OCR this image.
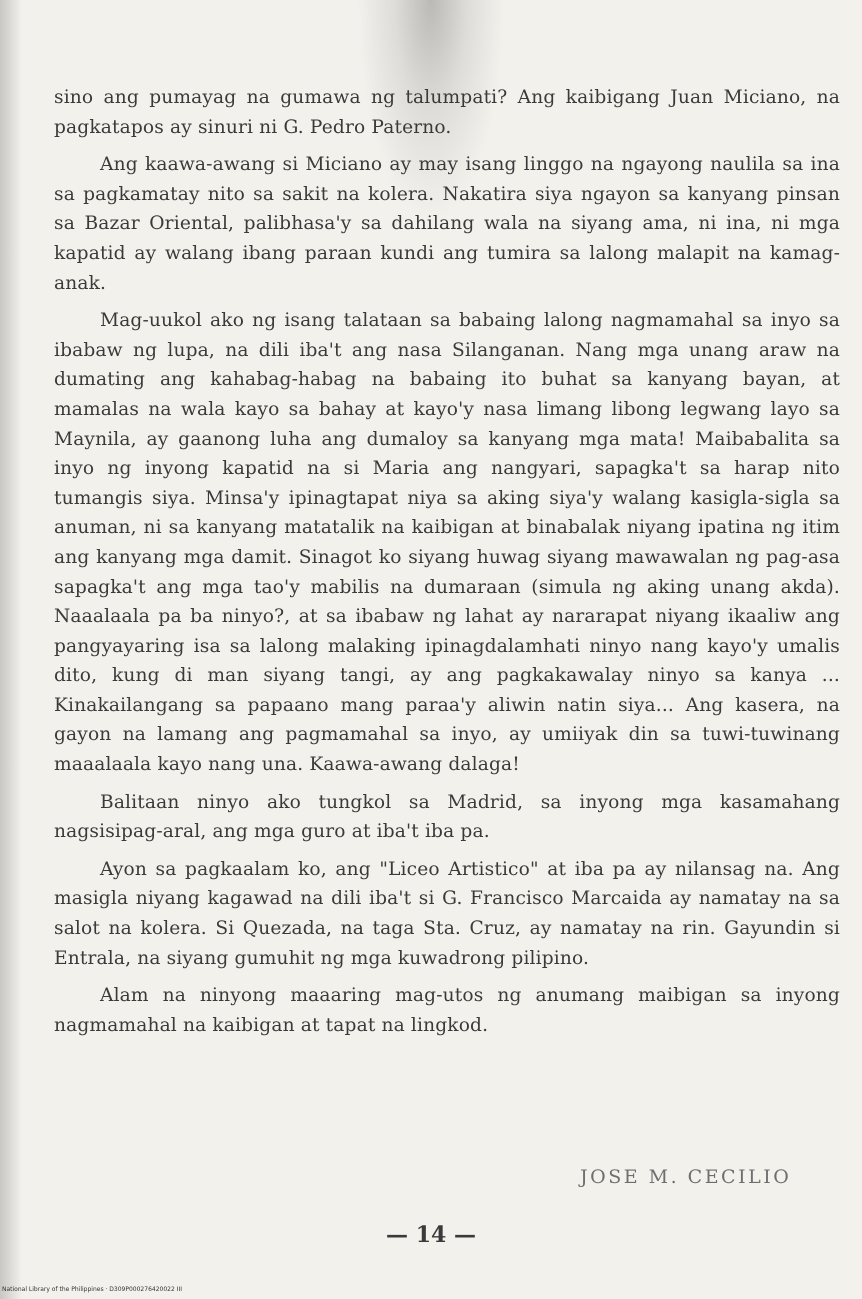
sino ang pumayag na gumawa ng talumpati? Ang kaibigang Juan Miciano, na pagkatapos ay sinuri ni G. Pedro Paterno.

Ang kaawa-awang si Miciano ay may isang linggo na ngayong naulila sa ina sa pagkamatay nito sa sakit na kolera. Nakatira siya ngayon sa kanyang pinsan sa Bazar Oriental, palibhasa'y sa dahilang wala na siyang ama, ni ina, ni mga kapatid ay walang ibang paraan kundi ang tumira sa lalong malapit na kamag-anak.

Mag-uukol ako ng isang talataan sa babaing lalong nagmamahal sa inyo sa ibabaw ng lupa, na dili iba't ang nasa Silanganan. Nang mga unang araw na dumating ang kahabag-habag na babaing ito buhat sa kanyang bayan, at mamalas na wala kayo sa bahay at kayo'y nasa limang libong legwang layo sa Maynila, ay gaanong luha ang dumaloy sa kanyang mga mata! Maibabalita sa inyo ng inyong kapatid na si Maria ang nangyari, sapagka't sa harap nito tumangis siya. Minsa'y ipinagtapat niya sa aking siya'y walang kasigla-sigla sa anuman, ni sa kanyang matatalik na kaibigan at binabalak niyang ipatina ng itim ang kanyang mga damit. Sinagot ko siyang huwag siyang mawawalan ng pag-asa sapagka't ang mga tao'y mabilis na dumaraan (simula ng aking unang akda). Naaalaala pa ba ninyo?, at sa ibabaw ng lahat ay nararapat niyang ikaaliw ang pangyayaring isa sa lalong malaking ipinagdalamhati ninyo nang kayo'y umalis dito, kung di man siyang tangi, ay ang pagkakawalay ninyo sa kanya ... Kinakailangang sa papaano mang paraa'y aliwin natin siya... Ang kasera, na gayon na lamang ang pagmamahal sa inyo, ay umiiyak din sa tuwi-tuwinang maaalaala kayo nang una. Kaawa-awang dalaga!

Balitaan ninyo ako tungkol sa Madrid, sa inyong mga kasamahang nagsisipag-aral, ang mga guro at iba't iba pa.

Ayon sa pagkaalam ko, ang "Liceo Artistico" at iba pa ay nilansag na. Ang masigla niyang kagawad na dili iba't si G. Francisco Marcaida ay namatay na sa salot na kolera. Si Quezada, na taga Sta. Cruz, ay namatay na rin. Gayundin si Entrala, na siyang gumuhit ng mga kuwadrong pilipino.

Alam na ninyong maaaring mag-utos ng anumang maibigan sa inyong nagmamahal na kaibigan at tapat na lingkod.

JOSE M. CECILIO
— 14 —
National Library of the Philippines · D309P000276420022 III
